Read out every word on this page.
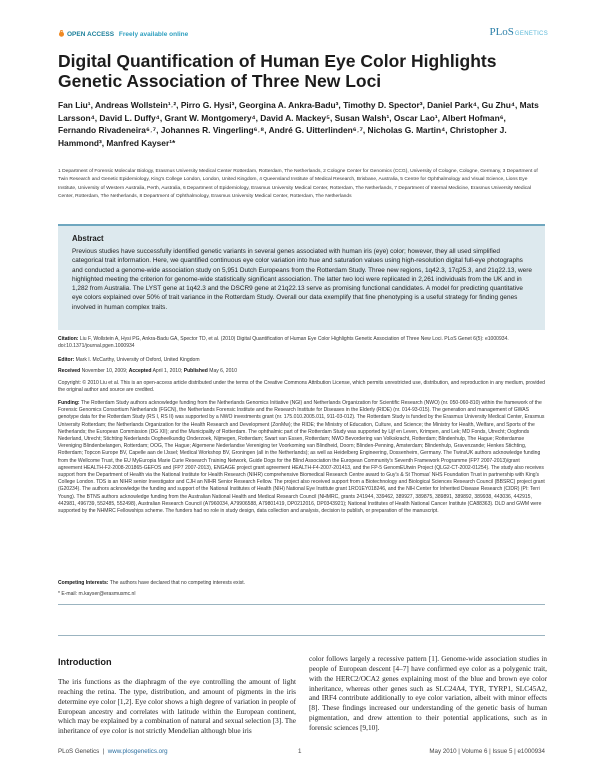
OPEN ACCESS Freely available online	PLoSGENETICS
Digital Quantification of Human Eye Color Highlights Genetic Association of Three New Loci
Fan Liu¹, Andreas Wollstein¹˒², Pirro G. Hysi³, Georgina A. Ankra-Badu³, Timothy D. Spector³, Daniel Park⁴, Gu Zhu⁴, Mats Larsson⁴, David L. Duffy⁴, Grant W. Montgomery⁴, David A. Mackey⁵, Susan Walsh¹, Oscar Lao¹, Albert Hofman⁶, Fernando Rivadeneira⁶˒⁷, Johannes R. Vingerling⁶˒⁸, André G. Uitterlinden⁶˒⁷, Nicholas G. Martin⁴, Christopher J. Hammond³, Manfred Kayser¹*
1 Department of Forensic Molecular Biology, Erasmus University Medical Center Rotterdam, Rotterdam, The Netherlands, 2 Cologne Center for Genomics (CCG), University of Cologne, Cologne, Germany, 3 Department of Twin Research and Genetic Epidemiology, King's College London, London, United Kingdom, 4 Queensland Institute of Medical Research, Brisbane, Australia, 5 Centre for Ophthalmology and Visual Science, Lions Eye Institute, University of Western Australia, Perth, Australia, 6 Department of Epidemiology, Erasmus University Medical Center, Rotterdam, The Netherlands, 7 Department of Internal Medicine, Erasmus University Medical Center, Rotterdam, The Netherlands, 8 Department of Ophthalmology, Erasmus University Medical Center, Rotterdam, The Netherlands
Abstract
Previous studies have successfully identified genetic variants in several genes associated with human iris (eye) color; however, they all used simplified categorical trait information. Here, we quantified continuous eye color variation into hue and saturation values using high-resolution digital full-eye photographs and conducted a genome-wide association study on 5,951 Dutch Europeans from the Rotterdam Study. Three new regions, 1q42.3, 17q25.3, and 21q22.13, were highlighted meeting the criterion for genome-wide statistically significant association. The latter two loci were replicated in 2,261 individuals from the UK and in 1,282 from Australia. The LYST gene at 1q42.3 and the DSCR9 gene at 21q22.13 serve as promising functional candidates. A model for predicting quantitative eye colors explained over 50% of trait variance in the Rotterdam Study. Overall our data exemplify that fine phenotyping is a useful strategy for finding genes involved in human complex traits.
Citation: Liu F, Wollstein A, Hysi PG, Ankra-Badu GA, Spector TD, et al. (2010) Digital Quantification of Human Eye Color Highlights Genetic Association of Three New Loci. PLoS Genet 6(5): e1000934. doi:10.1371/journal.pgen.1000934
Editor: Mark I. McCarthy, University of Oxford, United Kingdom
Received November 10, 2009; Accepted April 1, 2010; Published May 6, 2010
Copyright: © 2010 Liu et al. This is an open-access article distributed under the terms of the Creative Commons Attribution License, which permits unrestricted use, distribution, and reproduction in any medium, provided the original author and source are credited.
Funding: The Rotterdam Study authors acknowledge funding from the Netherlands Genomics Initiative (NGI) and Netherlands Organization for Scientific Research (NWO) (nr. 050-060-810) within the framework of the Forensic Genomics Consortium Netherlands (FGCN), the Netherlands Forensic Institute and the Research Institute for Diseases in the Elderly (RIDE) (nr. 014-93-015). The generation and management of GWAS genotype data for the Rotterdam Study (RS I, RS II) was supported by a NWO investments grant (nr. 175.010.2005.011, 911-03-012). The Rotterdam Study is funded by the Erasmus University Medical Center, Erasmus University Rotterdam; the Netherlands Organization for the Health Research and Development (ZonMw); the RIDE; the Ministry of Education, Culture, and Science; the Ministry for Health, Welfare, and Sports of the Netherlands; the European Commission (DG XII); and the Municipality of Rotterdam. The ophthalmic part of the Rotterdam Study was supported by Lijf en Leven, Krimpen, and Lek; MD Fonds, Utrecht; Oogfonds Nederland, Utrecht; Stichting Nederlands Oogheelkundig Onderzoek, Nijmegen, Rotterdam; Swart van Essen, Rotterdam; NWO Bevordering van Volkskracht, Rotterdam; Blindenhulp, The Hague; Rotterdamse Vereniging Blindenbelangen, Rotterdam; OOG, The Hague; Algemene Nederlandse Vereniging ter Voorkoming van Blindheid, Doorn; Blinden-Penning, Amsterdam; Blindenhulp, Gravenzande; Henkes Stichting, Rotterdam; Topcon Europe BV, Capelle aan de IJssel; Medical Workshop BV, Groningen (all in the Netherlands); as well as Heidelberg Engineering, Dossenheim, Germany. The TwinsUK authors acknowledge funding from the Wellcome Trust, the EU MyEuropia Marie Curie Research Training Network, Guide Dogs for the Blind Association the European Community's Seventh Framework Programme (FP7 2007-2013)/grant agreement HEALTH-F2-2008-201865-GEFOS and (FP7 2007-2013), ENGAGE project grant agreement HEALTH-F4-2007-201413, and the FP-5 GenomEUtwin Project (QLG2-CT-2002-01254). The study also receives support from the Department of Health via the National Institute for Health Research (NIHR) comprehensive Biomedical Research Centre award to Guy's & St Thomas' NHS Foundation Trust in partnership with King's College London. TDS is an NIHR senior Investigator and CJH an NIHR Senior Research Fellow. The project also received support from a Biotechnology and Biological Sciences Research Council (BBSRC) project grant (G20234). The authors acknowledge the funding and support of the National Institutes of Health (NIH) National Eye Institute grant 1RO1EY018246, and the NIH Center for Inherited Disease Research (CIDR) (PI: Terri Young). The BTNS authors acknowledge funding from the Australian National Health and Medical Research Council (NHMRC, grants 241944, 339462, 389927, 389875, 389891, 389892, 389938, 443036, 442915, 442981, 496739, 552485, 552498), Australian Research Council (A7960034, A79906588, A79801419, DP0212016, DP0343921); National Institutes of Health National Cancer Institute (CA88363). DLD and GWM were supported by the NHMRC Fellowships scheme. The funders had no role in study design, data collection and analysis, decision to publish, or preparation of the manuscript.
Competing Interests: The authors have declared that no competing interests exist.
* E-mail: m.kayser@erasmusmc.nl
Introduction
The iris functions as the diaphragm of the eye controlling the amount of light reaching the retina. The type, distribution, and amount of pigments in the iris determine eye color [1,2]. Eye color shows a high degree of variation in people of European ancestry and correlates with latitude within the European continent, which may be explained by a combination of natural and sexual selection [3]. The inheritance of eye color is not strictly Mendelian although blue iris
color follows largely a recessive pattern [1]. Genome-wide association studies in people of European descent [4–7] have confirmed eye color as a polygenic trait, with the HERC2/OCA2 genes explaining most of the blue and brown eye color inheritance, whereas other genes such as SLC24A4, TYR, TYRP1, SLC45A2, and IRF4 contribute additionally to eye color variation, albeit with minor effects [8]. These findings increased our understanding of the genetic basis of human pigmentation, and drew attention to their potential applications, such as in forensic sciences [9,10].
PLoS Genetics  |  www.plosgenetics.org	1	May 2010 | Volume 6 | Issue 5 | e1000934
